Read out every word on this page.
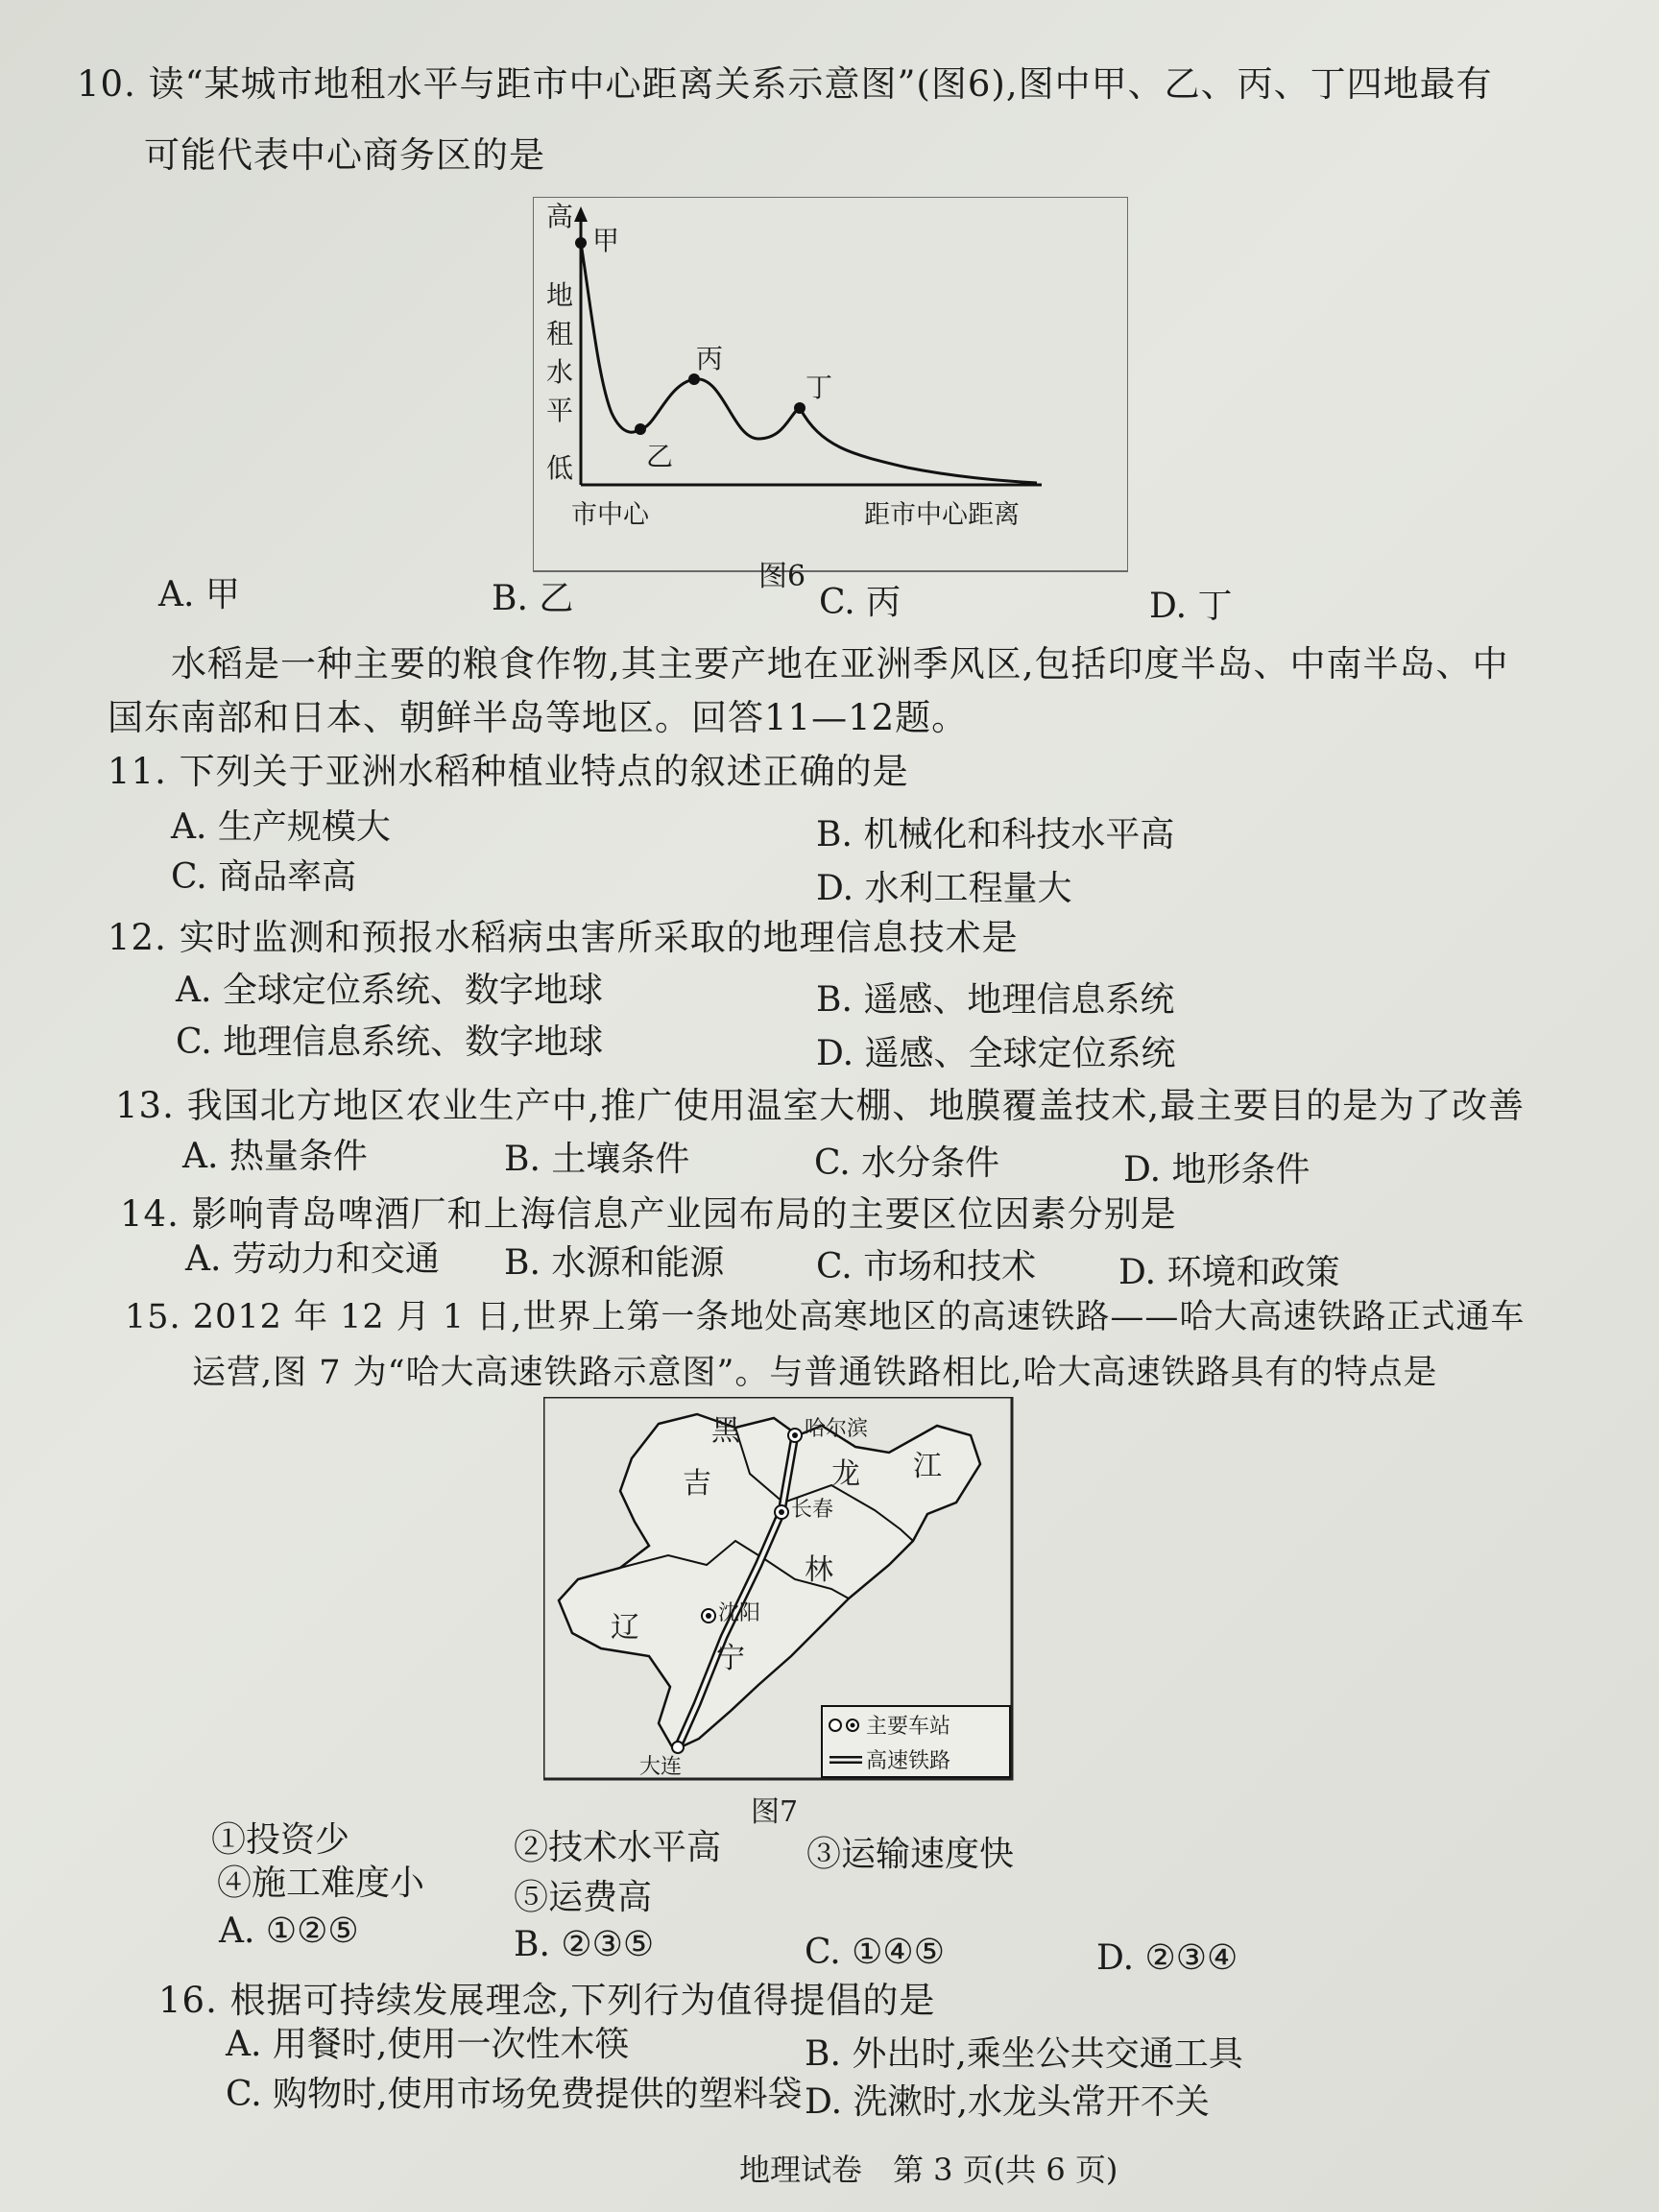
10. 读“某城市地租水平与距市中心距离关系示意图”(图6),图中甲、乙、丙、丁四地最有
可能代表中心商务区的是
高
甲
乙
丙
丁
地
租
水
平
低
市中心	距市中心距离
图6
A. 甲	B. 乙	C. 丙	D. 丁
水稻是一种主要的粮食作物,其主要产地在亚洲季风区,包括印度半岛、中南半岛、中
国东南部和日本、朝鲜半岛等地区。回答11—12题。
11. 下列关于亚洲水稻种植业特点的叙述正确的是
A. 生产规模大	B. 机械化和科技水平高
C. 商品率高	D. 水利工程量大
12. 实时监测和预报水稻病虫害所采取的地理信息技术是
A. 全球定位系统、数字地球	B. 遥感、地理信息系统
C. 地理信息系统、数字地球	D. 遥感、全球定位系统
13. 我国北方地区农业生产中,推广使用温室大棚、地膜覆盖技术,最主要目的是为了改善
A. 热量条件	B. 土壤条件	C. 水分条件	D. 地形条件
14. 影响青岛啤酒厂和上海信息产业园布局的主要区位因素分别是
A. 劳动力和交通 B. 水源和能源	C. 市场和技术 D. 环境和政策
15. 2012 年 12 月 1 日,世界上第一条地处高寒地区的高速铁路——哈大高速铁路正式通车
运营,图 7 为“哈大高速铁路示意图”。与普通铁路相比,哈大高速铁路具有的特点是
黑
龙 江
吉
林
辽
宁
哈尔滨
长春
沈阳
大连
主要车站
高速铁路
图7
①投资少	②技术水平高 ③运输速度快
④施工难度小	⑤运费高
A. ①②⑤	B. ②③⑤	C. ①④⑤	D. ②③④
16. 根据可持续发展理念,下列行为值得提倡的是
A. 用餐时,使用一次性木筷	B. 外出时,乘坐公共交通工具
C. 购物时,使用市场免费提供的塑料袋 D. 洗漱时,水龙头常开不关
地理试卷　第 3 页(共 6 页)
